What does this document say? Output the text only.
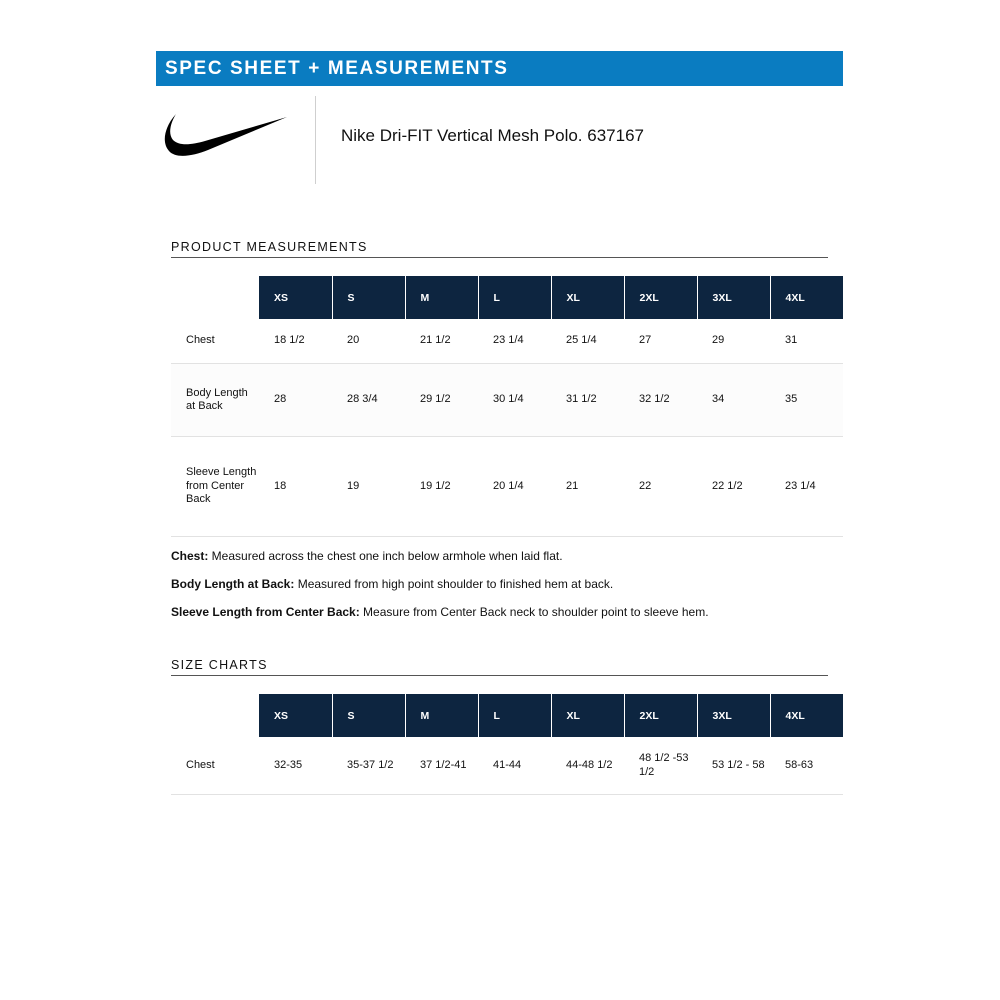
SPEC SHEET + MEASUREMENTS
Nike Dri-FIT Vertical Mesh Polo. 637167
PRODUCT MEASUREMENTS
	XS	S	M	L	XL	2XL	3XL	4XL
Chest	18 1/2	20	21 1/2	23 1/4	25 1/4	27	29	31
Body Length at Back	28	28 3/4	29 1/2	30 1/4	31 1/2	32 1/2	34	35
Sleeve Length from Center Back	18	19	19 1/2	20 1/4	21	22	22 1/2	23 1/4

Chest: Measured across the chest one inch below armhole when laid flat.

Body Length at Back: Measured from high point shoulder to finished hem at back.

Sleeve Length from Center Back: Measure from Center Back neck to shoulder point to sleeve hem.

SIZE CHARTS
	XS	S	M	L	XL	2XL	3XL	4XL
Chest	32-35	35-37 1/2	37 1/2-41	41-44	44-48 1/2	48 1/2 -53 1/2	53 1/2 - 58	58-63
